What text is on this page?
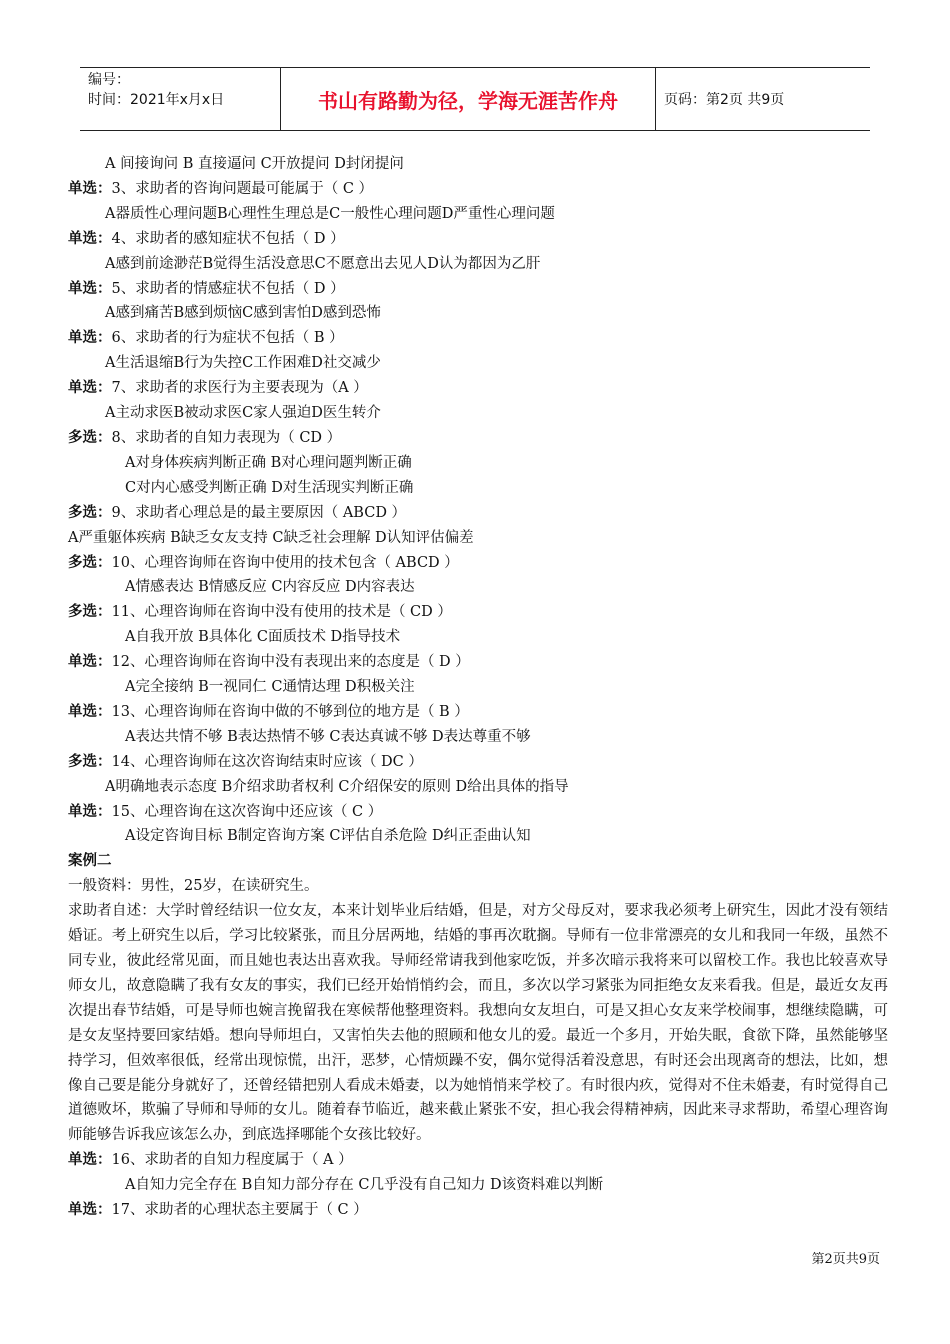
编号：
时间：2021年x月x日	书山有路勤为径，学海无涯苦作舟	页码：第2页 共9页
A 间接询问 B 直接逼问 C开放提问 D封闭提问
单选：3、求助者的咨询问题最可能属于（ C ）
A器质性心理问题B心理性生理总是C一般性心理问题D严重性心理问题
单选：4、求助者的感知症状不包括（ D ）
A感到前途渺茫B觉得生活没意思C不愿意出去见人D认为都因为乙肝
单选：5、求助者的情感症状不包括（ D ）
A感到痛苦B感到烦恼C感到害怕D感到恐怖
单选：6、求助者的行为症状不包括（ B ）
A生活退缩B行为失控C工作困难D社交减少
单选：7、求助者的求医行为主要表现为（A ）
A主动求医B被动求医C家人强迫D医生转介
多选：8、求助者的自知力表现为（ CD ）
A对身体疾病判断正确 B对心理问题判断正确
C对内心感受判断正确 D对生活现实判断正确
多选：9、求助者心理总是的最主要原因（ ABCD ）
A严重躯体疾病 B缺乏女友支持 C缺乏社会理解 D认知评估偏差
多选：10、心理咨询师在咨询中使用的技术包含（ ABCD ）
A情感表达 B情感反应 C内容反应 D内容表达
多选：11、心理咨询师在咨询中没有使用的技术是（ CD ）
A自我开放 B具体化 C面质技术 D指导技术
单选：12、心理咨询师在咨询中没有表现出来的态度是（ D ）
A完全接纳 B一视同仁 C通情达理 D积极关注
单选：13、心理咨询师在咨询中做的不够到位的地方是（ B ）
A表达共情不够 B表达热情不够 C表达真诚不够 D表达尊重不够
多选：14、心理咨询师在这次咨询结束时应该（ DC ）
A明确地表示态度 B介绍求助者权利 C介绍保安的原则 D给出具体的指导
单选：15、心理咨询在这次咨询中还应该（ C ）
A设定咨询目标 B制定咨询方案 C评估自杀危险 D纠正歪曲认知
案例二
一般资料：男性，25岁，在读研究生。
求助者自述：大学时曾经结识一位女友，本来计划毕业后结婚，但是，对方父母反对，要求我必须考上研究生，因此才没有领结婚证。考上研究生以后，学习比较紧张，而且分居两地，结婚的事再次耽搁。导师有一位非常漂亮的女儿和我同一年级，虽然不同专业，彼此经常见面，而且她也表达出喜欢我。导师经常请我到他家吃饭，并多次暗示我将来可以留校工作。我也比较喜欢导师女儿，故意隐瞒了我有女友的事实，我们已经开始悄悄约会，而且，多次以学习紧张为同拒绝女友来看我。但是，最近女友再次提出春节结婚，可是导师也婉言挽留我在寒候帮他整理资料。我想向女友坦白，可是又担心女友来学校闹事，想继续隐瞒，可是女友坚持要回家结婚。想向导师坦白，又害怕失去他的照顾和他女儿的爱。最近一个多月，开始失眠，食欲下降，虽然能够坚持学习，但效率很低，经常出现惊慌，出汗，恶梦，心情烦躁不安，偶尔觉得活着没意思，有时还会出现离奇的想法，比如，想像自己要是能分身就好了，还曾经错把别人看成未婚妻，以为她悄悄来学校了。有时很内疚，觉得对不住未婚妻，有时觉得自己道德败坏，欺骗了导师和导师的女儿。随着春节临近，越来截止紧张不安，担心我会得精神病，因此来寻求帮助，希望心理咨询师能够告诉我应该怎么办，到底选择哪能个女孩比较好。
单选：16、求助者的自知力程度属于（ A ）
A自知力完全存在 B自知力部分存在 C几乎没有自己知力 D该资料难以判断
单选：17、求助者的心理状态主要属于（ C ）
第2页共9页
